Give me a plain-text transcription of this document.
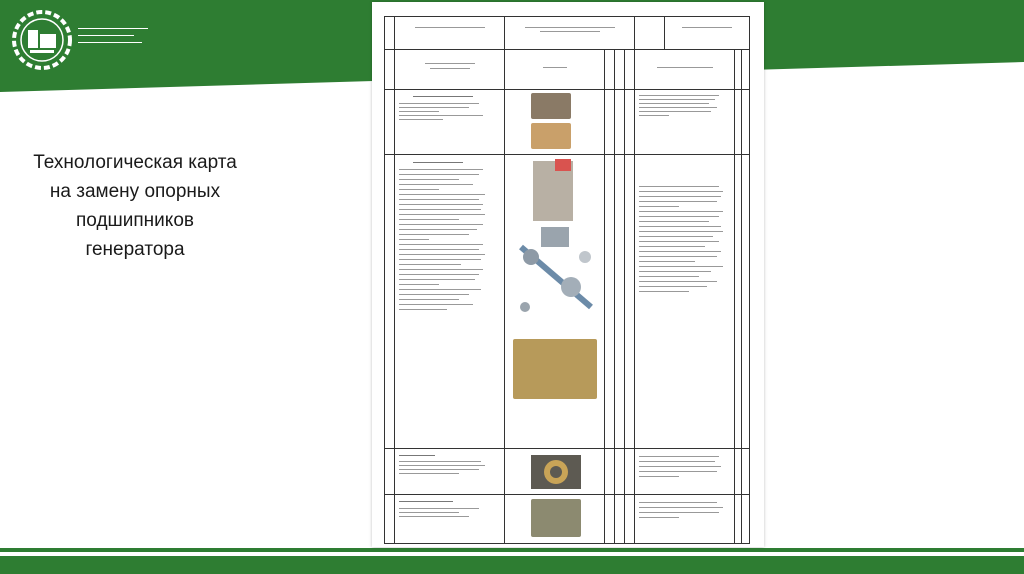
Технологическая карта на замену опорных подшипников генератора
